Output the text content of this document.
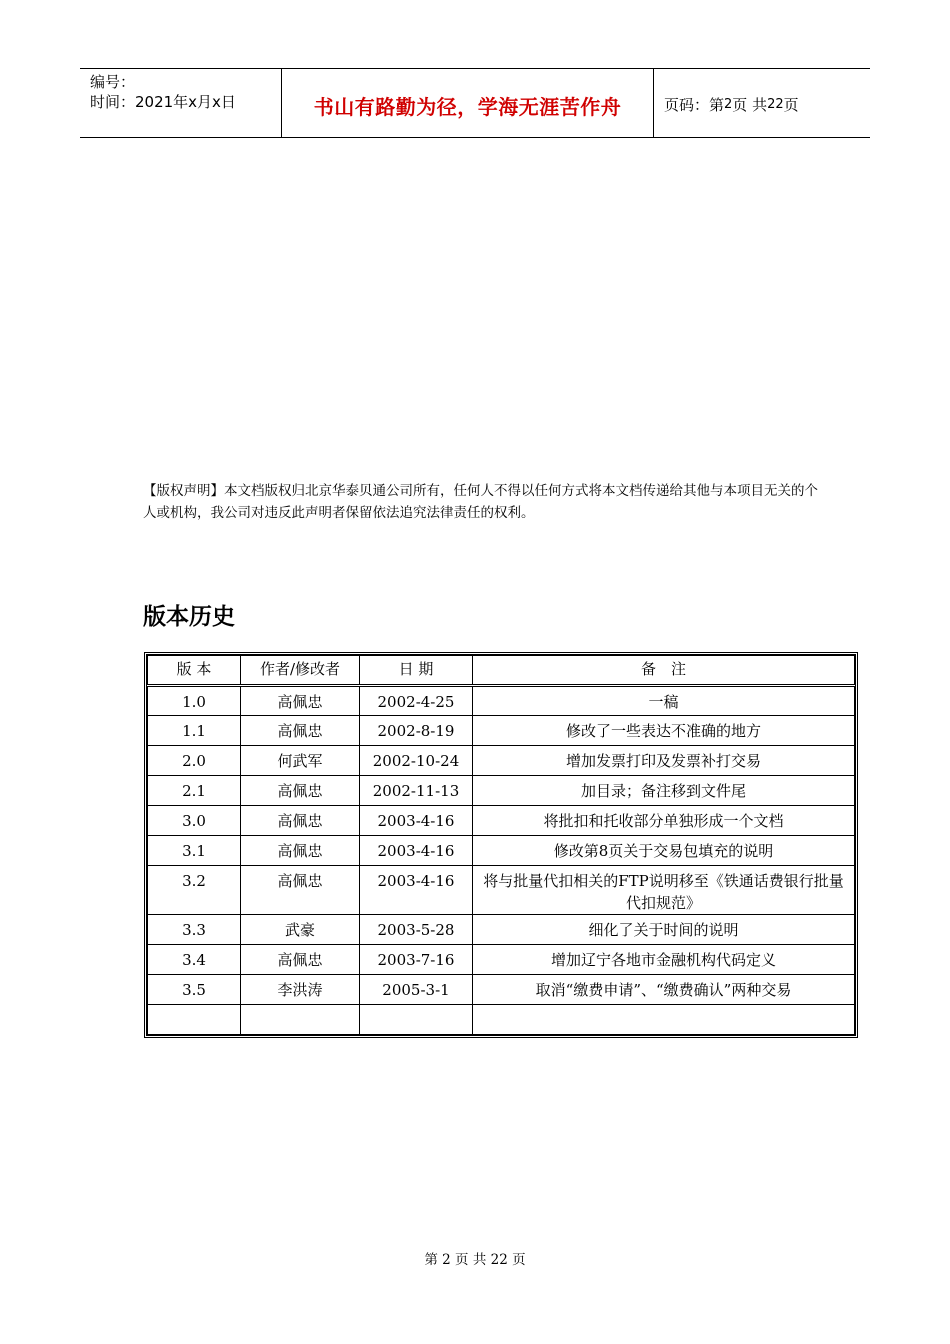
编号：
时间：2021年x月x日	书山有路勤为径，学海无涯苦作舟	页码：第 2 页 共 22 页
【版权声明】本文档版权归北京华泰贝通公司所有，任何人不得以任何方式将本文档传递给其他与本项目无关的个人或机构，我公司对违反此声明者保留依法追究法律责任的权利。
版本历史
版 本	作者/修改者	日 期	备　注
1.0	高佩忠	2002-4-25	一稿
1.1	高佩忠	2002-8-19	修改了一些表达不准确的地方
2.0	何武军	2002-10-24	增加发票打印及发票补打交易
2.1	高佩忠	2002-11-13	加目录；备注移到文件尾
3.0	高佩忠	2003-4-16	将批扣和托收部分单独形成一个文档
3.1	高佩忠	2003-4-16	修改第8页关于交易包填充的说明
3.2	高佩忠	2003-4-16	将与批量代扣相关的FTP说明移至《铁通话费银行批量代扣规范》
3.3	武豪	2003-5-28	细化了关于时间的说明
3.4	高佩忠	2003-7-16	增加辽宁各地市金融机构代码定义
3.5	李洪涛	2005-3-1	取消“缴费申请”、“缴费确认”两种交易

第 2 页 共 22 页
